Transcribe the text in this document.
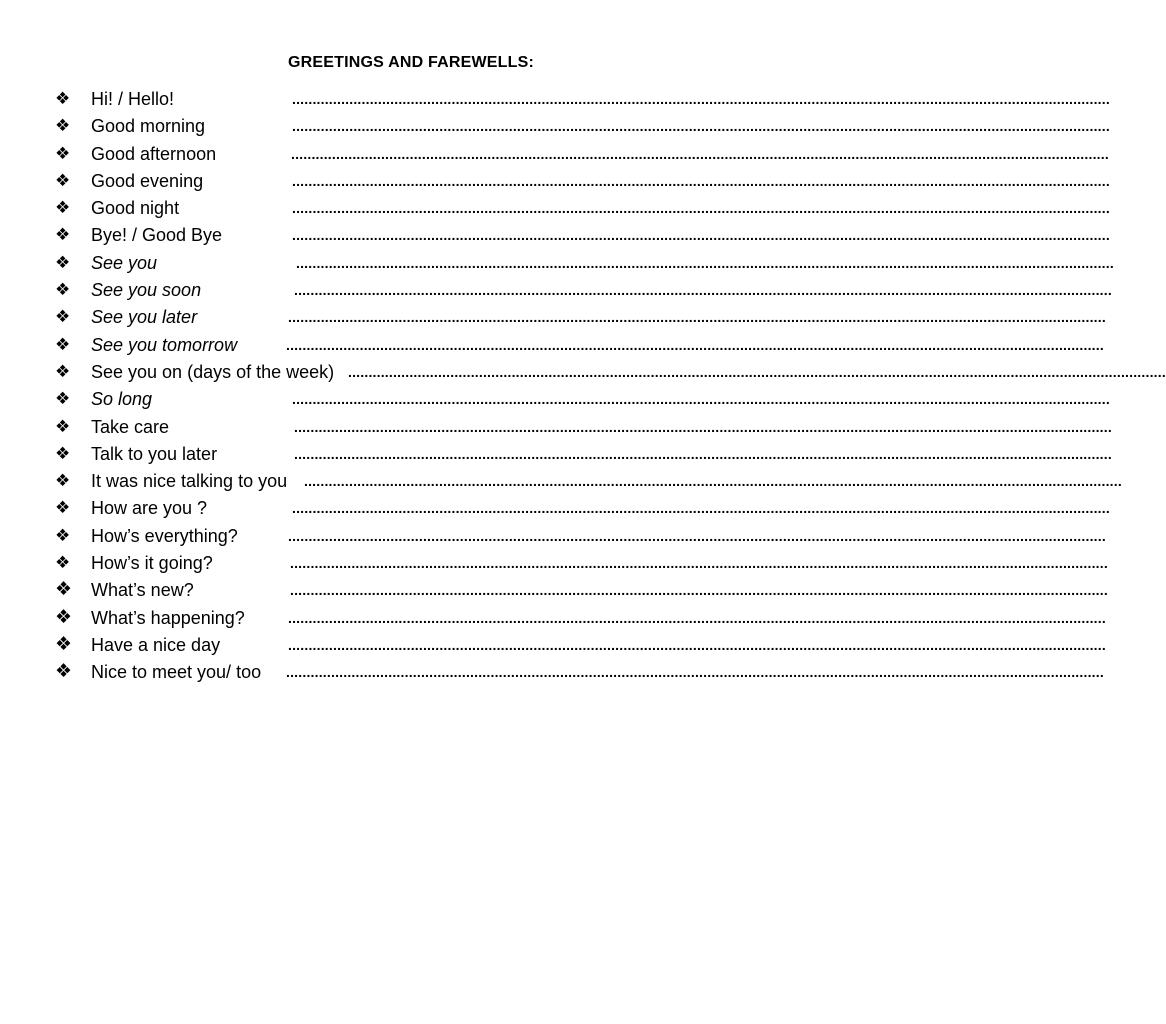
GREETINGS AND FAREWELLS:
❖ Hi! / Hello!	........................................................................................................................................................................................................
❖ Good morning	........................................................................................................................................................................................................
❖ Good afternoon	........................................................................................................................................................................................................
❖ Good evening	........................................................................................................................................................................................................
❖ Good night	........................................................................................................................................................................................................
❖ Bye! / Good Bye	........................................................................................................................................................................................................
❖ See you	........................................................................................................................................................................................................
❖ See you soon	........................................................................................................................................................................................................
❖ See you later	........................................................................................................................................................................................................
❖ See you tomorrow	........................................................................................................................................................................................................
❖ See you on (days of the week) ........................................................................................................................................................................................................
❖ So long	........................................................................................................................................................................................................
❖ Take care	........................................................................................................................................................................................................
❖ Talk to you later	........................................................................................................................................................................................................
❖ It was nice talking to you ........................................................................................................................................................................................................
❖ How are you ?	........................................................................................................................................................................................................
❖ How’s everything?	........................................................................................................................................................................................................
❖ How’s it going?	........................................................................................................................................................................................................
❖ What’s new?	........................................................................................................................................................................................................
❖ What’s happening?	........................................................................................................................................................................................................
❖ Have a nice day	........................................................................................................................................................................................................
❖ Nice to meet you/ too ........................................................................................................................................................................................................
